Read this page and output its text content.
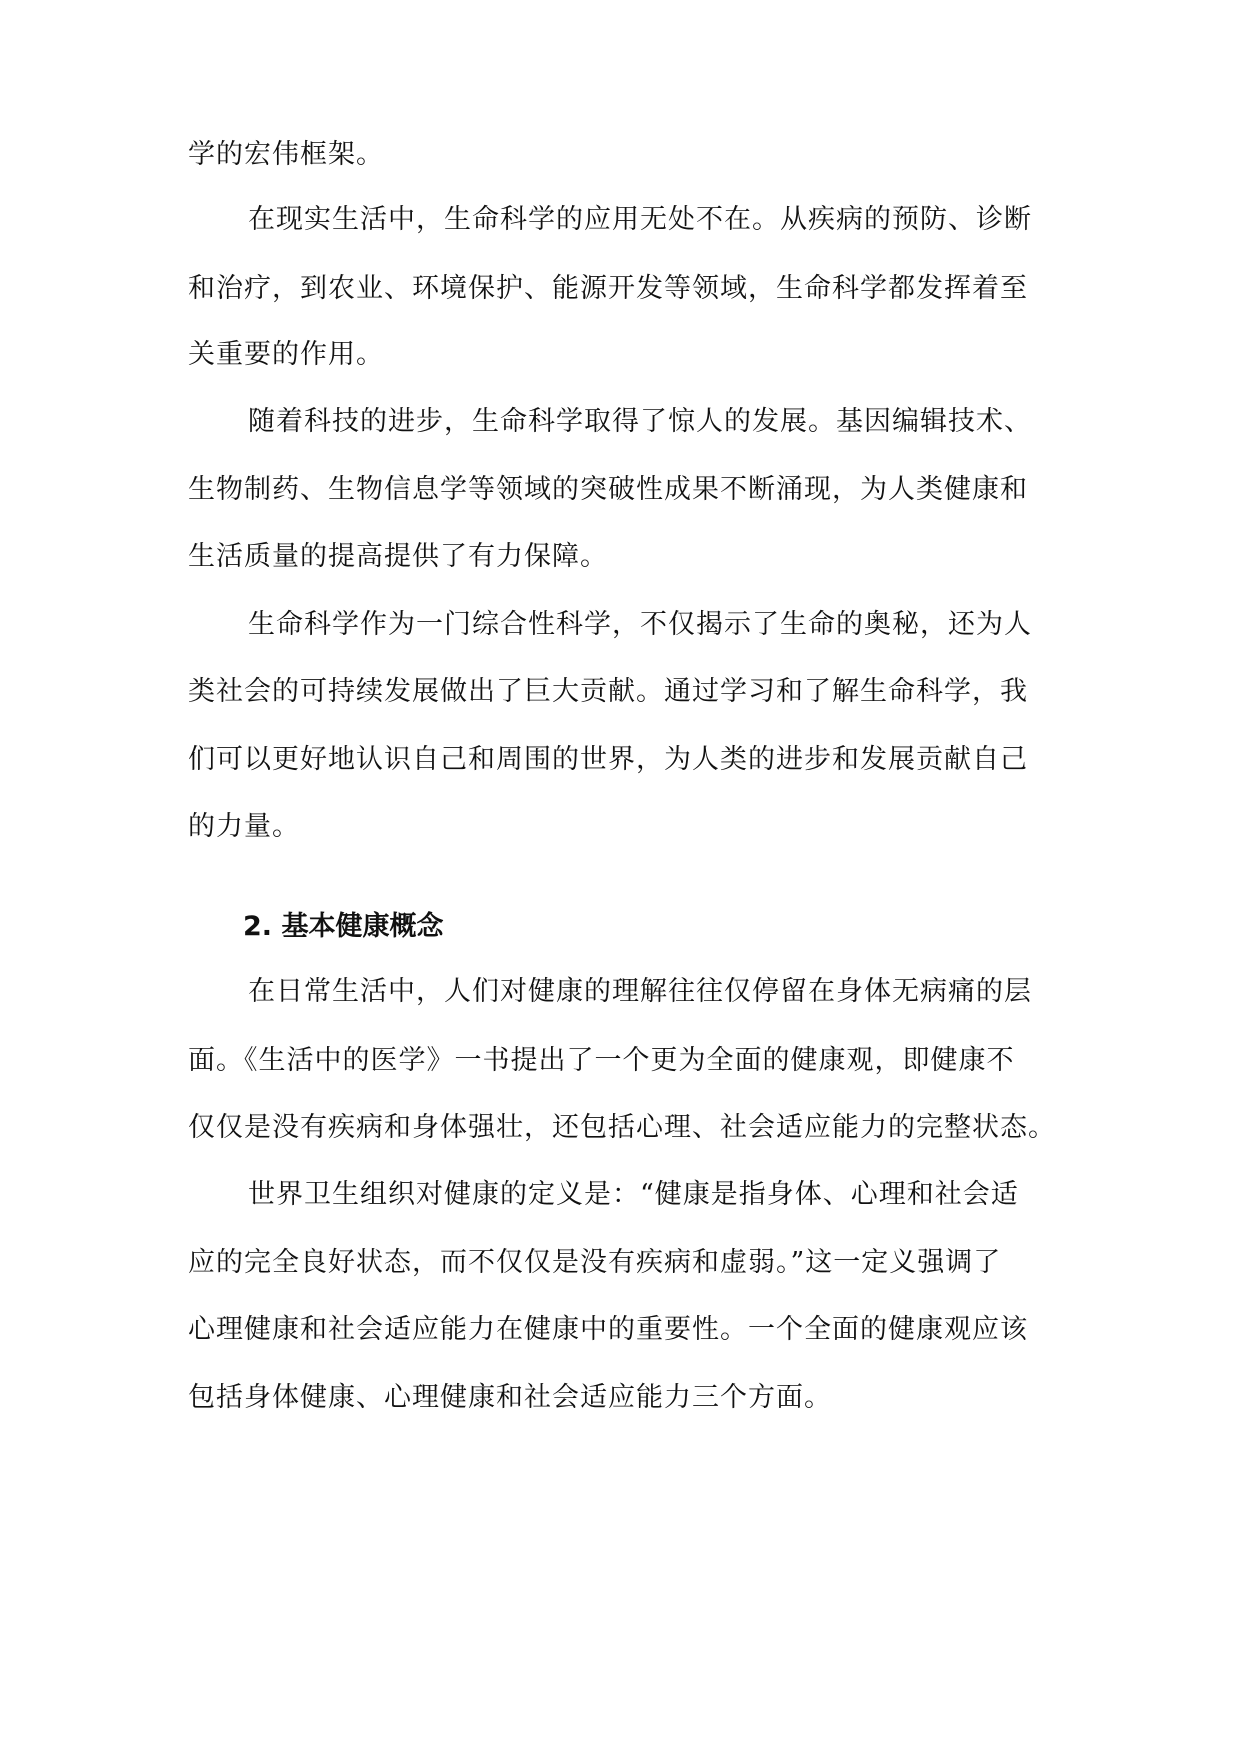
学的宏伟框架。
在现实生活中，生命科学的应用无处不在。从疾病的预防、诊断
和治疗，到农业、环境保护、能源开发等领域，生命科学都发挥着至
关重要的作用。
随着科技的进步，生命科学取得了惊人的发展。基因编辑技术、
生物制药、生物信息学等领域的突破性成果不断涌现，为人类健康和
生活质量的提高提供了有力保障。
生命科学作为一门综合性科学，不仅揭示了生命的奥秘，还为人
类社会的可持续发展做出了巨大贡献。通过学习和了解生命科学，我
们可以更好地认识自己和周围的世界，为人类的进步和发展贡献自己
的力量。
2. 基本健康概念
在日常生活中，人们对健康的理解往往仅停留在身体无病痛的层
面。《生活中的医学》一书提出了一个更为全面的健康观，即健康不
仅仅是没有疾病和身体强壮，还包括心理、社会适应能力的完整状态。
世界卫生组织对健康的定义是：“健康是指身体、心理和社会适
应的完全良好状态，而不仅仅是没有疾病和虚弱。”这一定义强调了
心理健康和社会适应能力在健康中的重要性。一个全面的健康观应该
包括身体健康、心理健康和社会适应能力三个方面。
